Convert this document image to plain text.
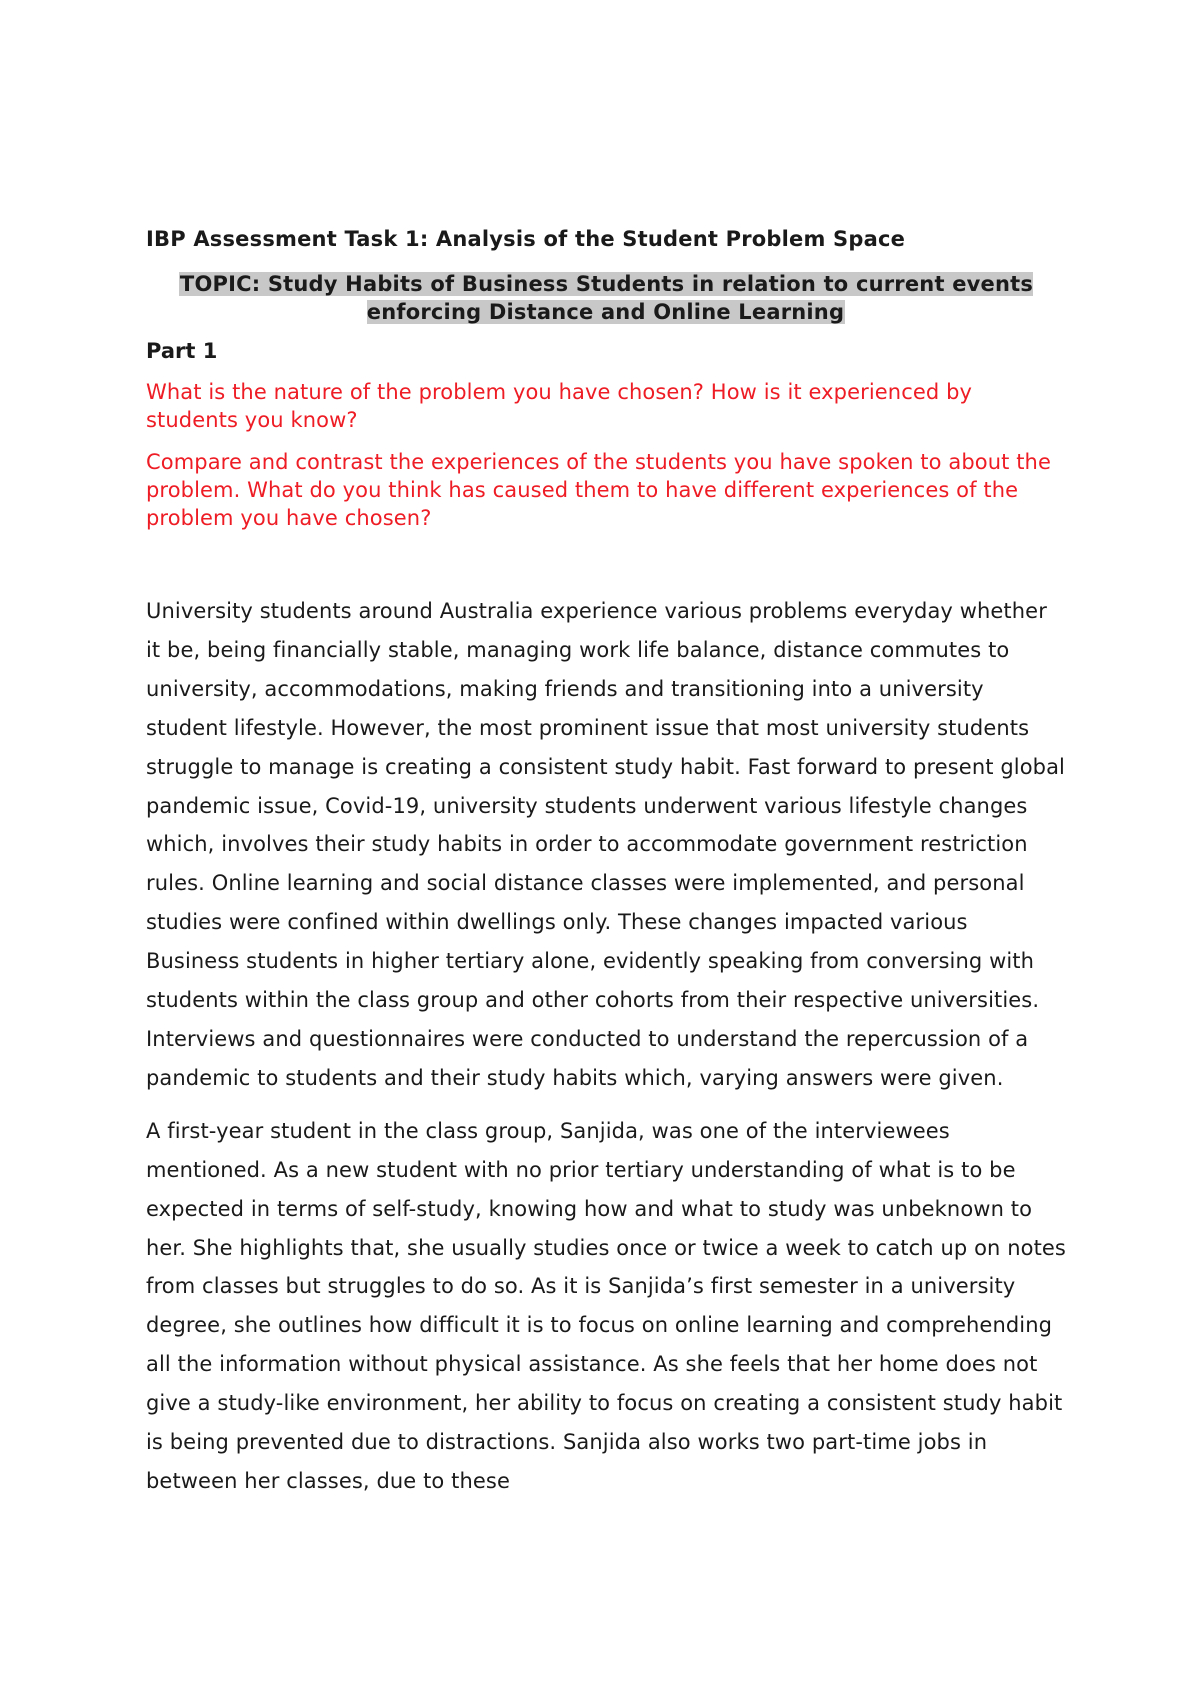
IBP Assessment Task 1: Analysis of the Student Problem Space
TOPIC: Study Habits of Business Students in relation to current events enforcing Distance and Online Learning
Part 1

What is the nature of the problem you have chosen? How is it experienced by students you know?

Compare and contrast the experiences of the students you have spoken to about the problem. What do you think has caused them to have different experiences of the problem you have chosen?

University students around Australia experience various problems everyday whether it be, being financially stable, managing work life balance, distance commutes to university, accommodations, making friends and transitioning into a university student lifestyle. However, the most prominent issue that most university students struggle to manage is creating a consistent study habit. Fast forward to present global pandemic issue, Covid-19, university students underwent various lifestyle changes which, involves their study habits in order to accommodate government restriction rules. Online learning and social distance classes were implemented, and personal studies were confined within dwellings only. These changes impacted various Business students in higher tertiary alone, evidently speaking from conversing with students within the class group and other cohorts from their respective universities. Interviews and questionnaires were conducted to understand the repercussion of a pandemic to students and their study habits which, varying answers were given.

A first-year student in the class group, Sanjida, was one of the interviewees mentioned. As a new student with no prior tertiary understanding of what is to be expected in terms of self-study, knowing how and what to study was unbeknown to her. She highlights that, she usually studies once or twice a week to catch up on notes from classes but struggles to do so. As it is Sanjida’s first semester in a university degree, she outlines how difficult it is to focus on online learning and comprehending all the information without physical assistance. As she feels that her home does not give a study-like environment, her ability to focus on creating a consistent study habit is being prevented due to distractions. Sanjida also works two part-time jobs in between her classes, due to these
